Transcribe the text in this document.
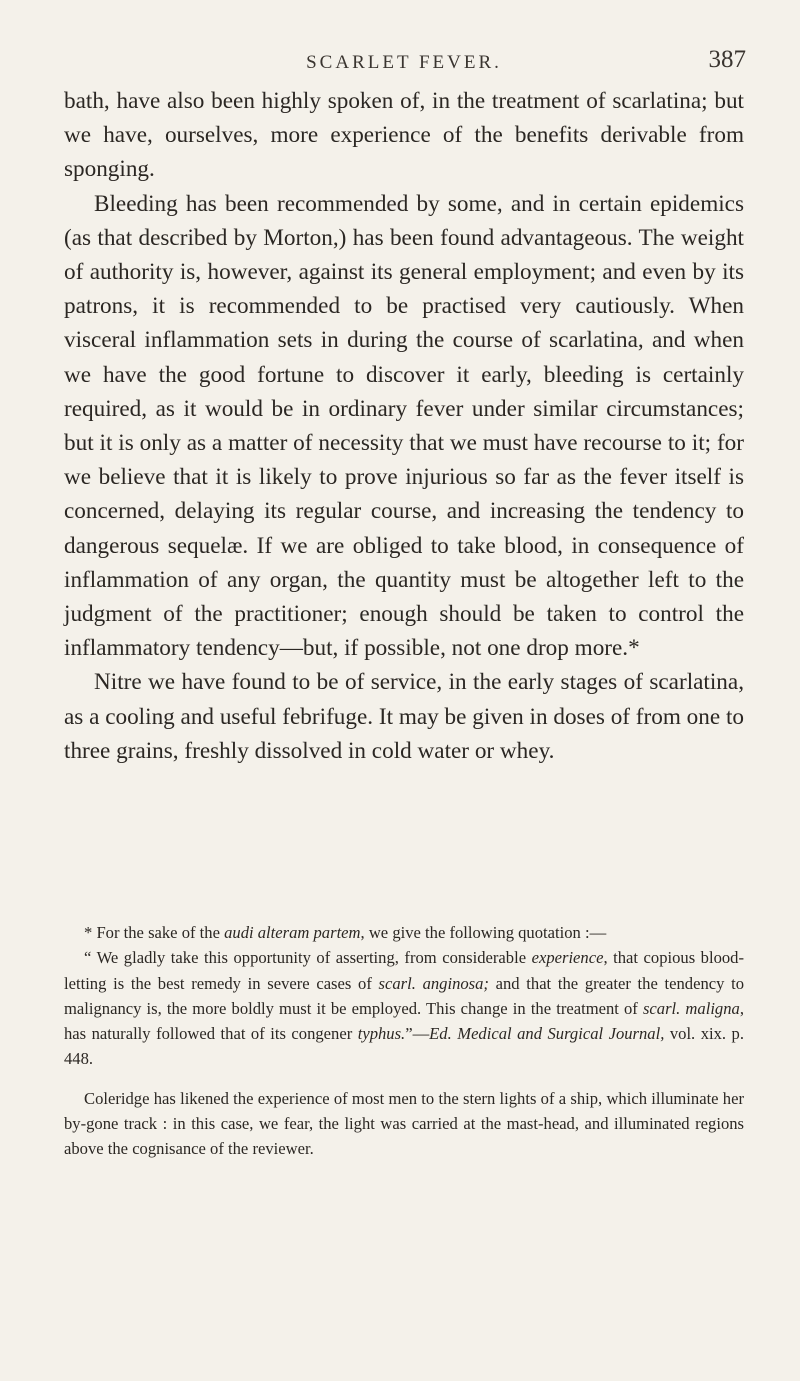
SCARLET FEVER.	387

bath, have also been highly spoken of, in the treatment of scarlatina; but we have, ourselves, more experience of the benefits derivable from sponging.

Bleeding has been recommended by some, and in certain epidemics (as that described by Morton,) has been found advantageous. The weight of authority is, however, against its general employment; and even by its patrons, it is recommended to be practised very cautiously. When visceral inflammation sets in during the course of scarlatina, and when we have the good fortune to discover it early, bleeding is certainly required, as it would be in ordinary fever under similar circumstances; but it is only as a matter of necessity that we must have recourse to it; for we believe that it is likely to prove injurious so far as the fever itself is concerned, delaying its regular course, and increasing the tendency to dangerous sequelæ. If we are obliged to take blood, in consequence of inflammation of any organ, the quantity must be altogether left to the judgment of the practitioner; enough should be taken to control the inflammatory tendency—but, if possible, not one drop more.*

Nitre we have found to be of service, in the early stages of scarlatina, as a cooling and useful febrifuge. It may be given in doses of from one to three grains, freshly dissolved in cold water or whey.

* For the sake of the audi alteram partem, we give the following quotation :—

“ We gladly take this opportunity of asserting, from considerable experience, that copious blood-letting is the best remedy in severe cases of scarl. anginosa; and that the greater the tendency to malignancy is, the more boldly must it be employed. This change in the treatment of scarl. maligna, has naturally followed that of its congener typhus.”—Ed. Medical and Surgical Journal, vol. xix. p. 448.

Coleridge has likened the experience of most men to the stern lights of a ship, which illuminate her by-gone track : in this case, we fear, the light was carried at the mast-head, and illuminated regions above the cognisance of the reviewer.
